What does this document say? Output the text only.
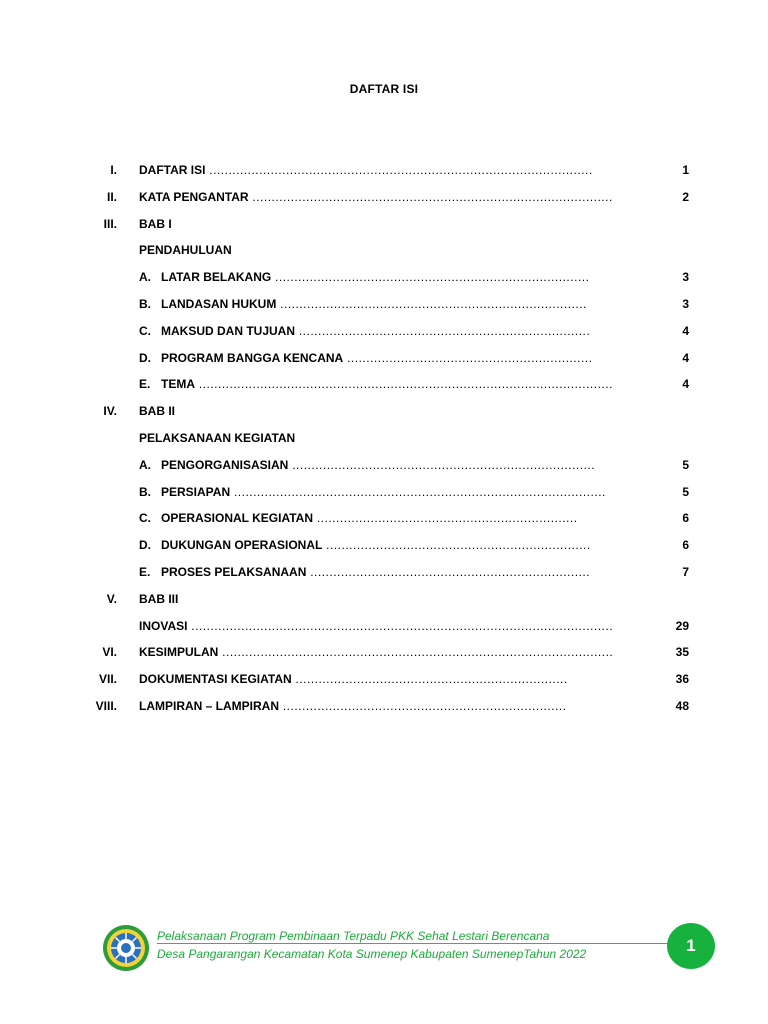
DAFTAR ISI
I. DAFTAR ISI ....................................................................................................	1
II. KATA PENGANTAR ..............................................................................................	2
III. BAB I
PENDAHULUAN
A. LATAR BELAKANG ..................................................................................	3
B. LANDASAN HUKUM ................................................................................	3
C. MAKSUD DAN TUJUAN ............................................................................	4
D. PROGRAM BANGGA KENCANA ................................................................	4
E. TEMA ............................................................................................................	4
IV. BAB II
PELAKSANAAN KEGIATAN
A. PENGORGANISASIAN ...............................................................................	5
B. PERSIAPAN .................................................................................................	5
C. OPERASIONAL KEGIATAN ....................................................................	6
D. DUKUNGAN OPERASIONAL .....................................................................	6
E. PROSES PELAKSANAAN .........................................................................	7
V. BAB III
INOVASI ..............................................................................................................	29
VI. KESIMPULAN ......................................................................................................	35
VII. DOKUMENTASI KEGIATAN .......................................................................	36
VIII. LAMPIRAN – LAMPIRAN ..........................................................................	48
Pelaksanaan Program Pembinaan Terpadu PKK Sehat Lestari Berencana
Desa Pangarangan Kecamatan Kota Sumenep Kabupaten SumenepTahun 2022	1
